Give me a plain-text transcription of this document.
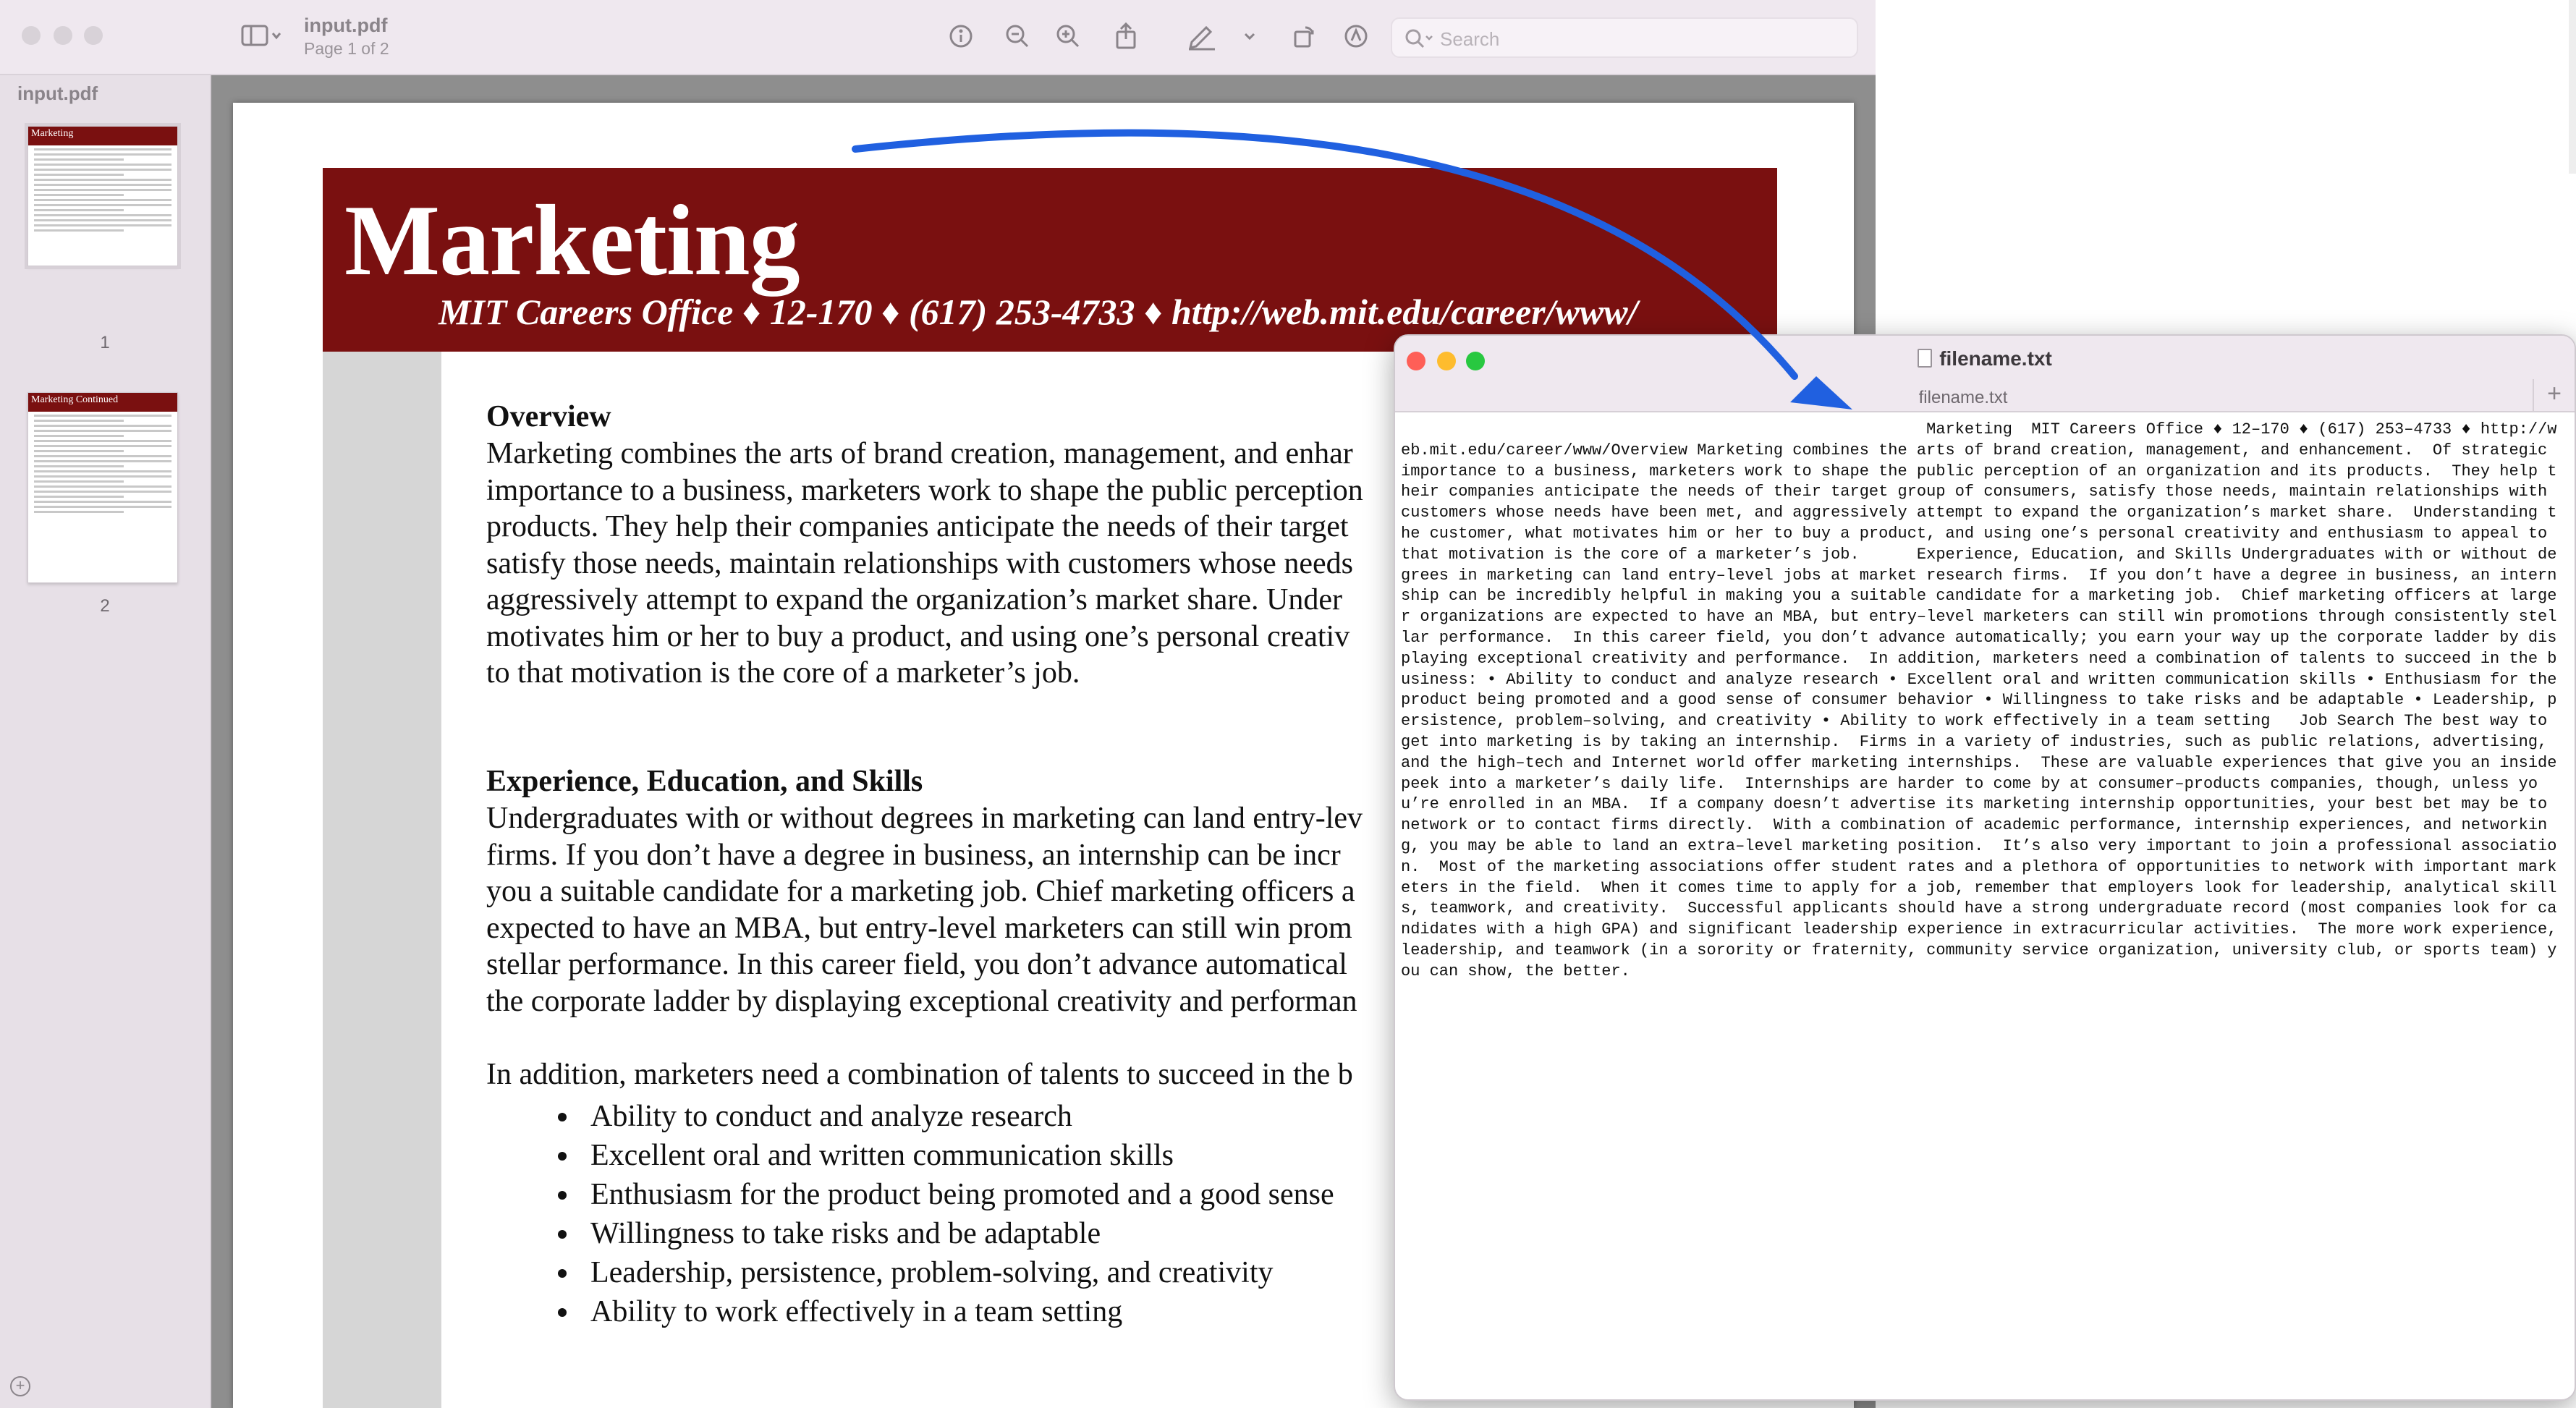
input.pdf
Page 1 of 2
Search
input.pdf
Marketing
1
Marketing Continued
2
+
Marketing
MIT Careers Office ♦ 12-170 ♦ (617) 253-4733 ♦ http://web.mit.edu/career/www/
Overview
Marketing combines the arts of brand creation, management, and enhar
importance to a business, marketers work to shape the public perception
products. They help their companies anticipate the needs of their target
satisfy those needs, maintain relationships with customers whose needs
aggressively attempt to expand the organization’s market share. Under
motivates him or her to buy a product, and using one’s personal creativ
to that motivation is the core of a marketer’s job.
Experience, Education, and Skills
Undergraduates with or without degrees in marketing can land entry-lev
firms. If you don’t have a degree in business, an internship can be incr
you a suitable candidate for a marketing job. Chief marketing officers a
expected to have an MBA, but entry-level marketers can still win prom
stellar performance. In this career field, you don’t advance automatical
the corporate ladder by displaying exceptional creativity and performan
In addition, marketers need a combination of talents to succeed in the b
• Ability to conduct and analyze research
• Excellent oral and written communication skills
• Enthusiasm for the product being promoted and a good sense
• Willingness to take risks and be adaptable
• Leadership, persistence, problem-solving, and creativity
• Ability to work effectively in a team setting
filename.txt
filename.txt	+
Marketing  MIT Careers Office ♦ 12–170 ♦ (617) 253–4733 ♦ http://web.mit.edu/career/www/Overview Marketing combines the arts of brand creation, management, and enhancement.  Of strategic importance to a business, marketers work to shape the public perception of an organization and its products.  They help their companies anticipate the needs of their target group of consumers, satisfy those needs, maintain relationships with customers whose needs have been met, and aggressively attempt to expand the organization’s market share.  Understanding the customer, what motivates him or her to buy a product, and using one’s personal creativity and enthusiasm to appeal to that motivation is the core of a marketer’s job.      Experience, Education, and Skills Undergraduates with or without degrees in marketing can land entry–level jobs at market research firms.  If you don’t have a degree in business, an internship can be incredibly helpful in making you a suitable candidate for a marketing job.  Chief marketing officers at larger organizations are expected to have an MBA, but entry–level marketers can still win promotions through consistently stellar performance.  In this career field, you don’t advance automatically; you earn your way up the corporate ladder by displaying exceptional creativity and performance.  In addition, marketers need a combination of talents to succeed in the business: • Ability to conduct and analyze research • Excellent oral and written communication skills • Enthusiasm for the product being promoted and a good sense of consumer behavior • Willingness to take risks and be adaptable • Leadership, persistence, problem–solving, and creativity • Ability to work effectively in a team setting   Job Search The best way to get into marketing is by taking an internship.  Firms in a variety of industries, such as public relations, advertising, and the high–tech and Internet world offer marketing internships.  These are valuable experiences that give you an inside peek into a marketer’s daily life.  Internships are harder to come by at consumer–products companies, though, unless you’re enrolled in an MBA.  If a company doesn’t advertise its marketing internship opportunities, your best bet may be to network or to contact firms directly.  With a combination of academic performance, internship experiences, and networking, you may be able to land an extra–level marketing position.  It’s also very important to join a professional association.  Most of the marketing associations offer student rates and a plethora of opportunities to network with important marketers in the field.  When it comes time to apply for a job, remember that employers look for leadership, analytical skills, teamwork, and creativity.  Successful applicants should have a strong undergraduate record (most companies look for candidates with a high GPA) and significant leadership experience in extracurricular activities.  The more work experience, leadership, and teamwork (in a sorority or fraternity, community service organization, university club, or sports team) you can show, the better.
